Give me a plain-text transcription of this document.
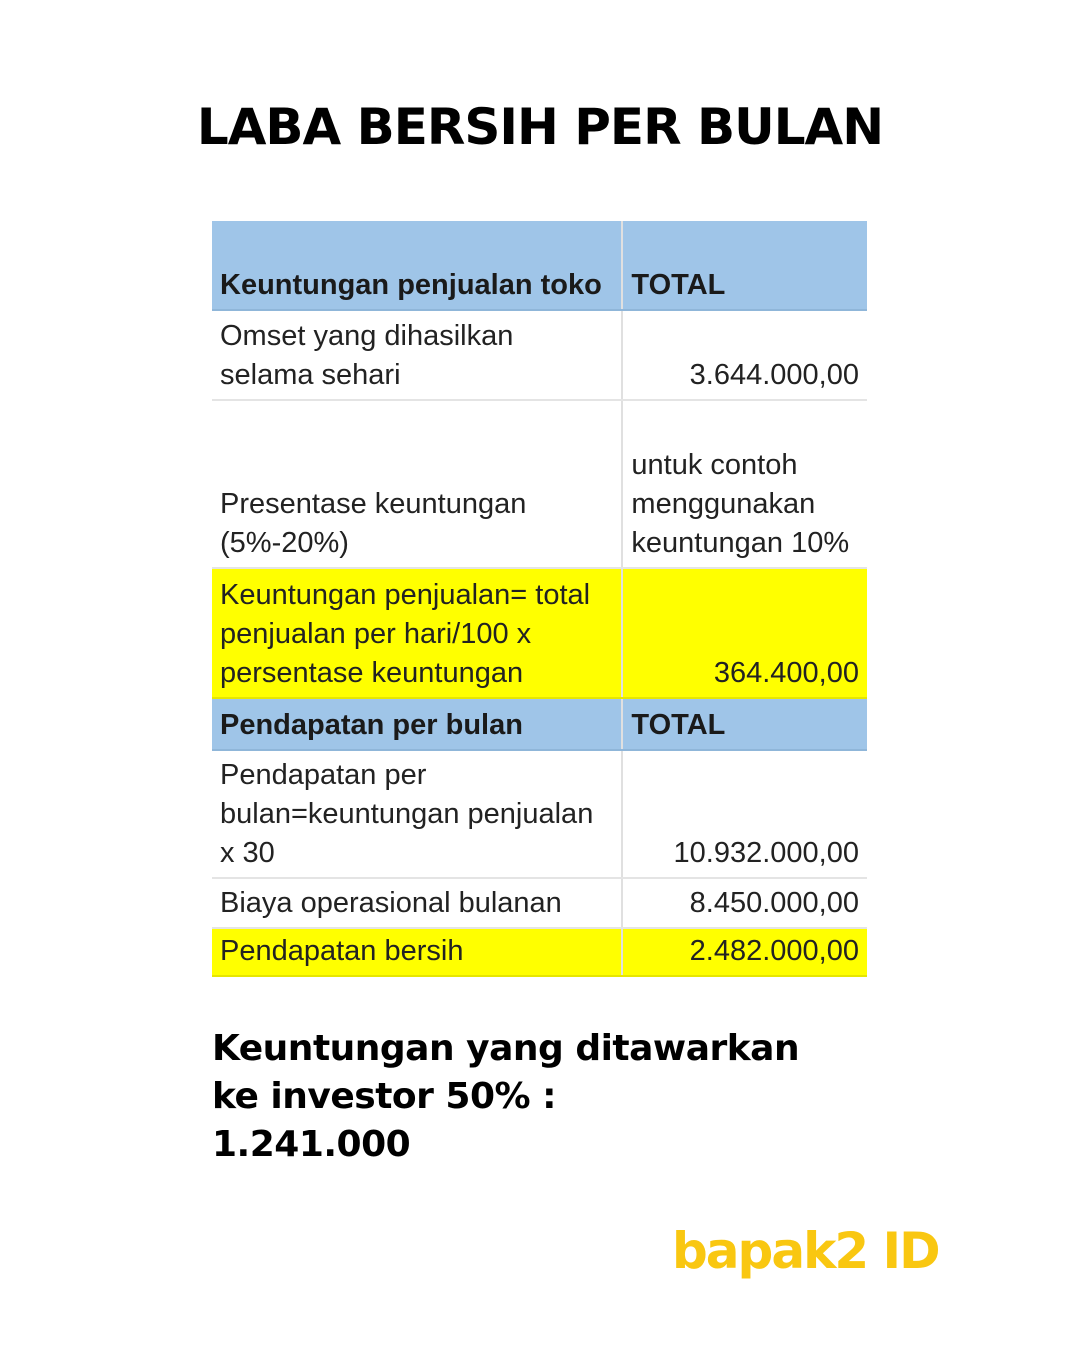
LABA BERSIH PER BULAN
Keuntungan penjualan toko	TOTAL
Omset yang dihasilkan selama sehari	3.644.000,00
Presentase keuntungan (5%-20%)	untuk contoh menggunakan keuntungan 10%
Keuntungan penjualan= total penjualan per hari/100 x persentase keuntungan	364.400,00
Pendapatan per bulan	TOTAL
Pendapatan per bulan=keuntungan penjualan x 30	10.932.000,00
Biaya operasional bulanan	8.450.000,00
Pendapatan bersih	2.482.000,00
Keuntungan yang ditawarkan
ke investor 50% :
1.241.000
bapak2 ID
